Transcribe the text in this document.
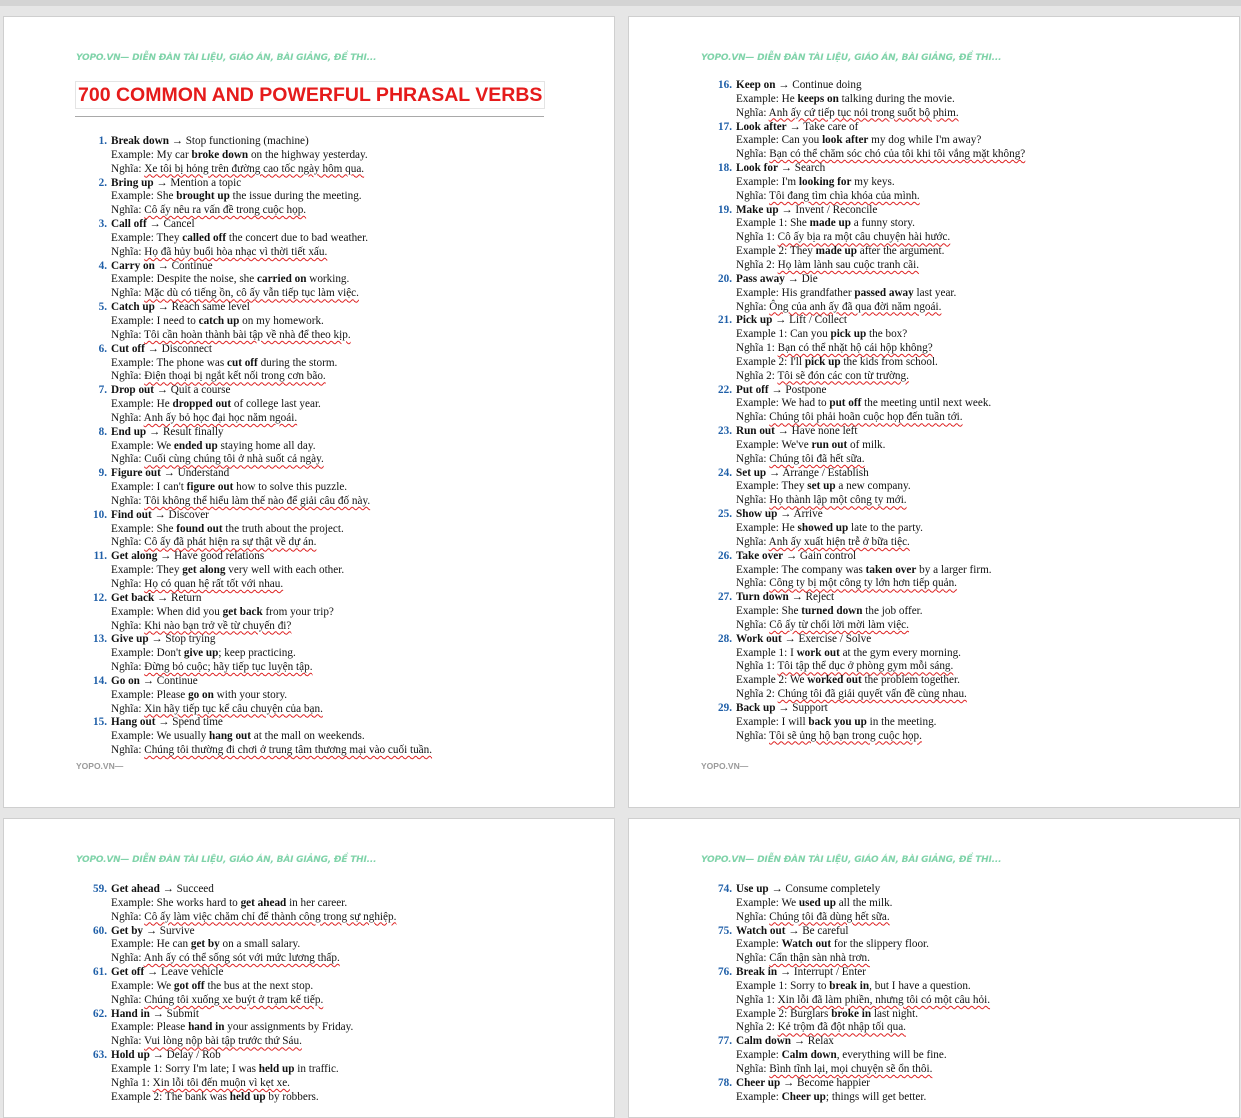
YOPO.VN— DIỄN ĐÀN TÀI LIỆU, GIÁO ÁN, BÀI GIẢNG, ĐỀ THI...
700 COMMON AND POWERFUL PHRASAL VERBS
1. Break down → Stop functioning (machine)
Example: My car broke down on the highway yesterday.
Nghĩa: Xe tôi bị hỏng trên đường cao tốc ngày hôm qua.
2. Bring up → Mention a topic
Example: She brought up the issue during the meeting.
Nghĩa: Cô ấy nêu ra vấn đề trong cuộc họp.
3. Call off → Cancel
Example: They called off the concert due to bad weather.
Nghĩa: Họ đã hủy buổi hòa nhạc vì thời tiết xấu.
4. Carry on → Continue
Example: Despite the noise, she carried on working.
Nghĩa: Mặc dù có tiếng ồn, cô ấy vẫn tiếp tục làm việc.
5. Catch up → Reach same level
Example: I need to catch up on my homework.
Nghĩa: Tôi cần hoàn thành bài tập về nhà để theo kịp.
6. Cut off → Disconnect
Example: The phone was cut off during the storm.
Nghĩa: Điện thoại bị ngắt kết nối trong cơn bão.
7. Drop out → Quit a course
Example: He dropped out of college last year.
Nghĩa: Anh ấy bỏ học đại học năm ngoái.
8. End up → Result finally
Example: We ended up staying home all day.
Nghĩa: Cuối cùng chúng tôi ở nhà suốt cả ngày.
9. Figure out → Understand
Example: I can't figure out how to solve this puzzle.
Nghĩa: Tôi không thể hiểu làm thế nào để giải câu đố này.
10. Find out → Discover
Example: She found out the truth about the project.
Nghĩa: Cô ấy đã phát hiện ra sự thật về dự án.
11. Get along → Have good relations
Example: They get along very well with each other.
Nghĩa: Họ có quan hệ rất tốt với nhau.
12. Get back → Return
Example: When did you get back from your trip?
Nghĩa: Khi nào bạn trở về từ chuyến đi?
13. Give up → Stop trying
Example: Don't give up; keep practicing.
Nghĩa: Đừng bỏ cuộc; hãy tiếp tục luyện tập.
14. Go on → Continue
Example: Please go on with your story.
Nghĩa: Xin hãy tiếp tục kể câu chuyện của bạn.
15. Hang out → Spend time
Example: We usually hang out at the mall on weekends.
Nghĩa: Chúng tôi thường đi chơi ở trung tâm thương mại vào cuối tuần.
YOPO.VN—
YOPO.VN— DIỄN ĐÀN TÀI LIỆU, GIÁO ÁN, BÀI GIẢNG, ĐỀ THI...
16. Keep on → Continue doing
Example: He keeps on talking during the movie.
Nghĩa: Anh ấy cứ tiếp tục nói trong suốt bộ phim.
17. Look after → Take care of
Example: Can you look after my dog while I'm away?
Nghĩa: Bạn có thể chăm sóc chó của tôi khi tôi vắng mặt không?
18. Look for → Search
Example: I'm looking for my keys.
Nghĩa: Tôi đang tìm chìa khóa của mình.
19. Make up → Invent / Reconcile
Example 1: She made up a funny story.
Nghĩa 1: Cô ấy bịa ra một câu chuyện hài hước.
Example 2: They made up after the argument.
Nghĩa 2: Họ làm lành sau cuộc tranh cãi.
20. Pass away → Die
Example: His grandfather passed away last year.
Nghĩa: Ông của anh ấy đã qua đời năm ngoái.
21. Pick up → Lift / Collect
Example 1: Can you pick up the box?
Nghĩa 1: Bạn có thể nhặt hộ cái hộp không?
Example 2: I'll pick up the kids from school.
Nghĩa 2: Tôi sẽ đón các con từ trường.
22. Put off → Postpone
Example: We had to put off the meeting until next week.
Nghĩa: Chúng tôi phải hoãn cuộc họp đến tuần tới.
23. Run out → Have none left
Example: We've run out of milk.
Nghĩa: Chúng tôi đã hết sữa.
24. Set up → Arrange / Establish
Example: They set up a new company.
Nghĩa: Họ thành lập một công ty mới.
25. Show up → Arrive
Example: He showed up late to the party.
Nghĩa: Anh ấy xuất hiện trễ ở bữa tiệc.
26. Take over → Gain control
Example: The company was taken over by a larger firm.
Nghĩa: Công ty bị một công ty lớn hơn tiếp quản.
27. Turn down → Reject
Example: She turned down the job offer.
Nghĩa: Cô ấy từ chối lời mời làm việc.
28. Work out → Exercise / Solve
Example 1: I work out at the gym every morning.
Nghĩa 1: Tôi tập thể dục ở phòng gym mỗi sáng.
Example 2: We worked out the problem together.
Nghĩa 2: Chúng tôi đã giải quyết vấn đề cùng nhau.
29. Back up → Support
Example: I will back you up in the meeting.
Nghĩa: Tôi sẽ ủng hộ bạn trong cuộc họp.
YOPO.VN—
YOPO.VN— DIỄN ĐÀN TÀI LIỆU, GIÁO ÁN, BÀI GIẢNG, ĐỀ THI...
59. Get ahead → Succeed
Example: She works hard to get ahead in her career.
Nghĩa: Cô ấy làm việc chăm chỉ để thành công trong sự nghiệp.
60. Get by → Survive
Example: He can get by on a small salary.
Nghĩa: Anh ấy có thể sống sót với mức lương thấp.
61. Get off → Leave vehicle
Example: We got off the bus at the next stop.
Nghĩa: Chúng tôi xuống xe buýt ở trạm kế tiếp.
62. Hand in → Submit
Example: Please hand in your assignments by Friday.
Nghĩa: Vui lòng nộp bài tập trước thứ Sáu.
63. Hold up → Delay / Rob
Example 1: Sorry I'm late; I was held up in traffic.
Nghĩa 1: Xin lỗi tôi đến muộn vì kẹt xe.
Example 2: The bank was held up by robbers.
YOPO.VN— DIỄN ĐÀN TÀI LIỆU, GIÁO ÁN, BÀI GIẢNG, ĐỀ THI...
74. Use up → Consume completely
Example: We used up all the milk.
Nghĩa: Chúng tôi đã dùng hết sữa.
75. Watch out → Be careful
Example: Watch out for the slippery floor.
Nghĩa: Cẩn thận sàn nhà trơn.
76. Break in → Interrupt / Enter
Example 1: Sorry to break in, but I have a question.
Nghĩa 1: Xin lỗi đã làm phiền, nhưng tôi có một câu hỏi.
Example 2: Burglars broke in last night.
Nghĩa 2: Kẻ trộm đã đột nhập tối qua.
77. Calm down → Relax
Example: Calm down, everything will be fine.
Nghĩa: Bình tĩnh lại, mọi chuyện sẽ ổn thôi.
78. Cheer up → Become happier
Example: Cheer up; things will get better.
